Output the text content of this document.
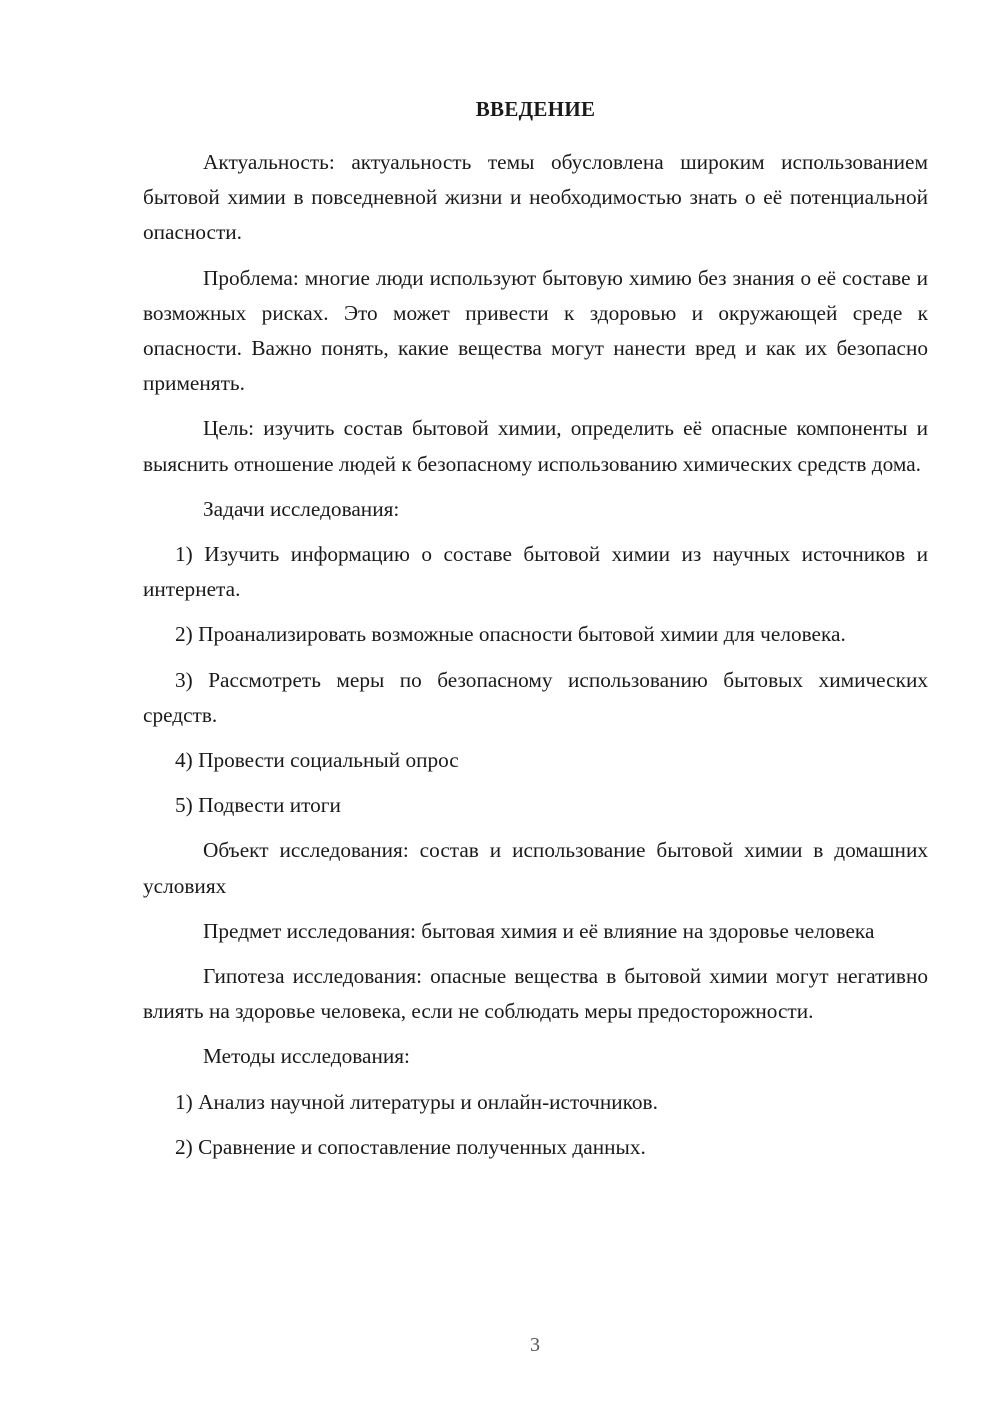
ВВЕДЕНИЕ

Актуальность: актуальность темы обусловлена широким использованием бытовой химии в повседневной жизни и необходимостью знать о её потенциальной опасности.

Проблема: многие люди используют бытовую химию без знания о её составе и возможных рисках. Это может привести к здоровью и окружающей среде к опасности. Важно понять, какие вещества могут нанести вред и как их безопасно применять.

Цель: изучить состав бытовой химии, определить её опасные компоненты и выяснить отношение людей к безопасному использованию химических средств дома.

Задачи исследования:

1) Изучить информацию о составе бытовой химии из научных источников и интернета.

2) Проанализировать возможные опасности бытовой химии для человека.

3) Рассмотреть меры по безопасному использованию бытовых химических средств.

4) Провести социальный опрос

5) Подвести итоги

Объект исследования: состав и использование бытовой химии в домашних условиях

Предмет исследования: бытовая химия и её влияние на здоровье человека

Гипотеза исследования: опасные вещества в бытовой химии могут негативно влиять на здоровье человека, если не соблюдать меры предосторожности.

Методы исследования:

1) Анализ научной литературы и онлайн-источников.

2) Сравнение и сопоставление полученных данных.

3
